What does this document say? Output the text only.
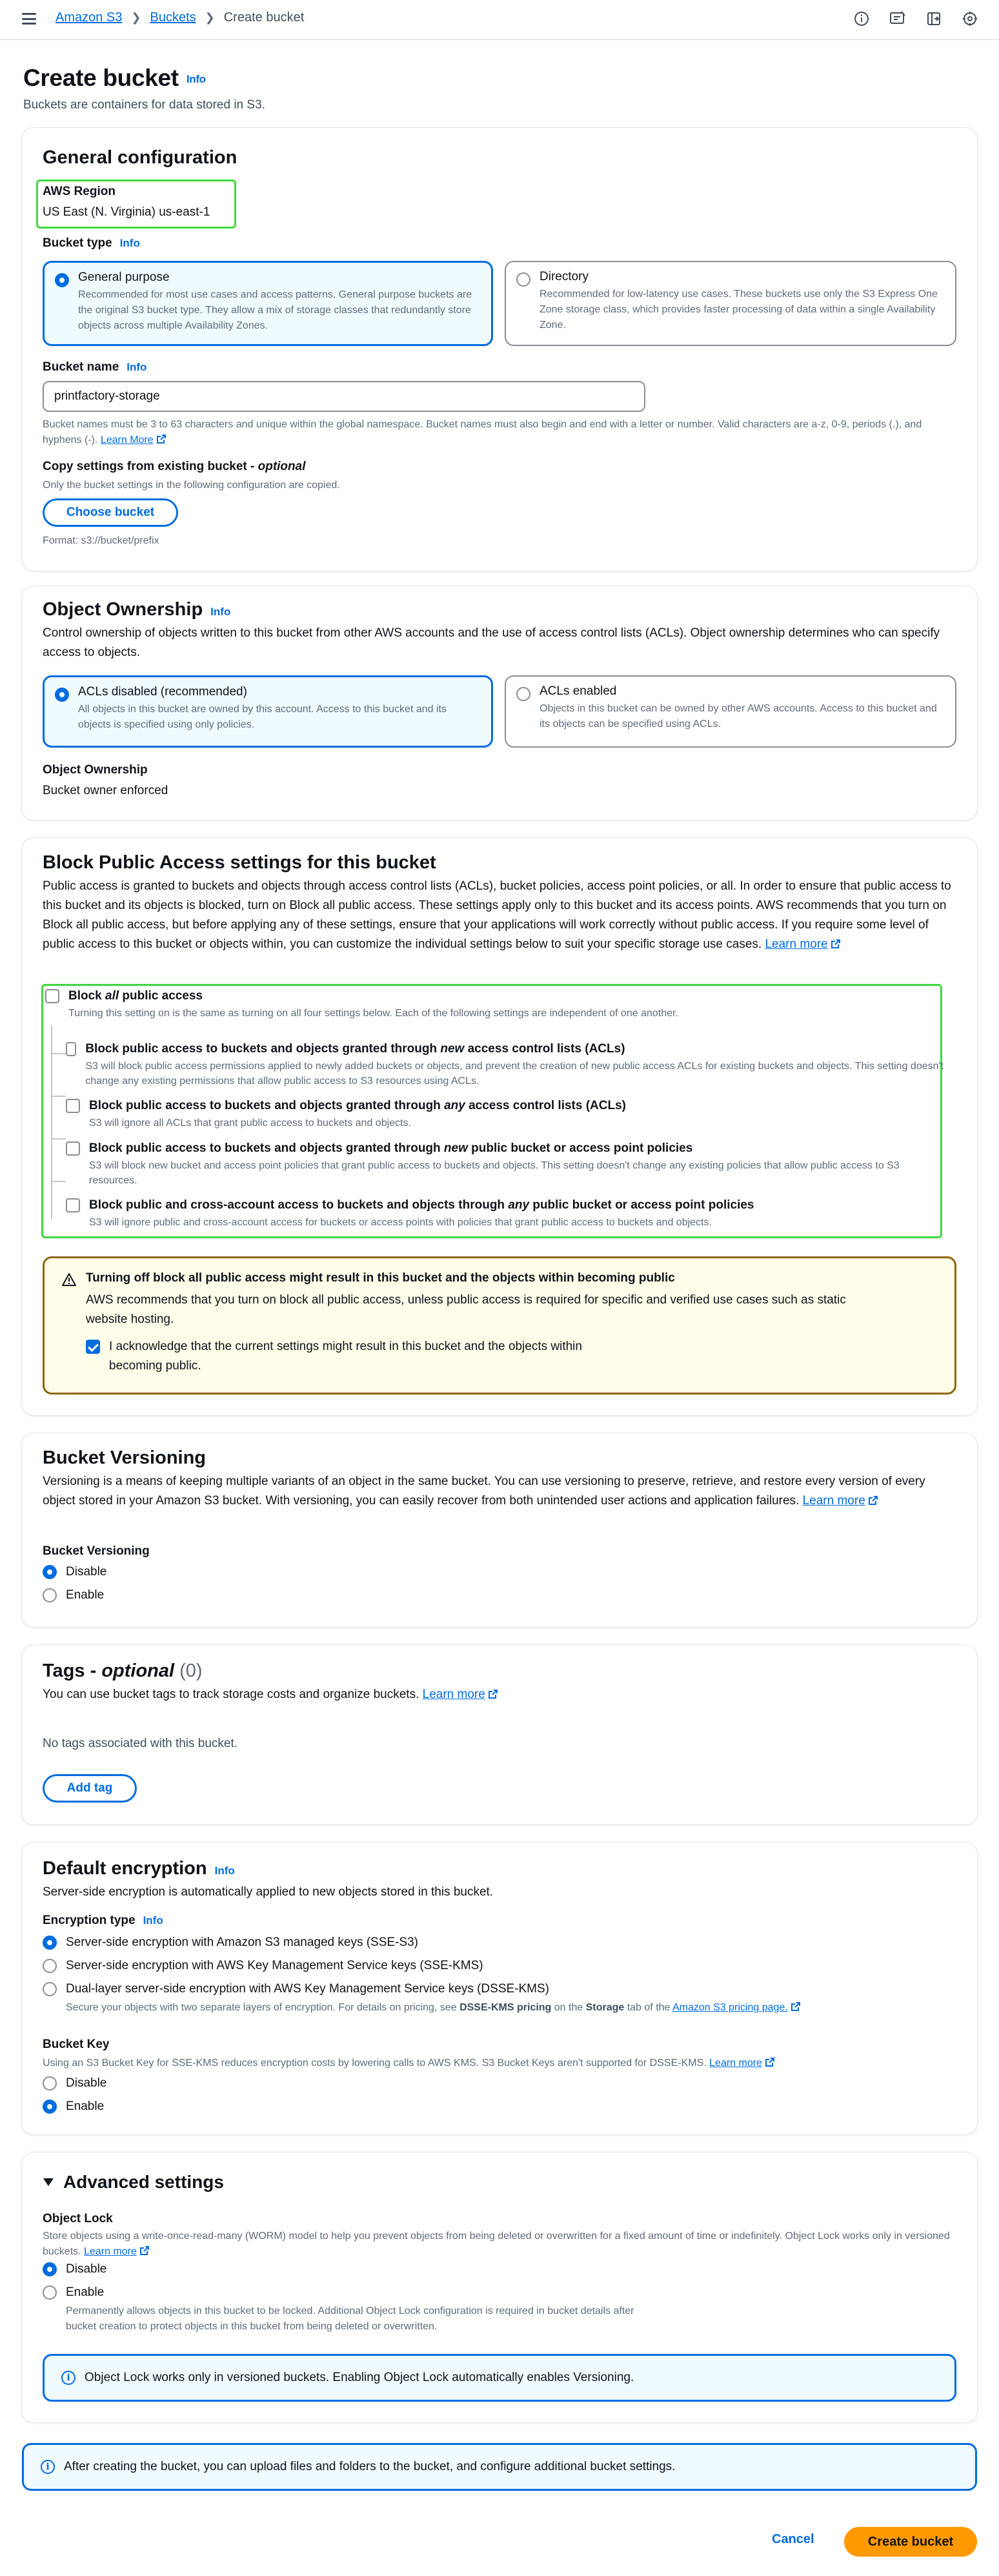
Amazon S3 ❯ Buckets ❯ Create bucket
Create bucket Info
Buckets are containers for data stored in S3.
General configuration
AWS Region
US East (N. Virginia) us-east-1
Bucket type Info
General purpose
Recommended for most use cases and access patterns. General purpose buckets are the original S3 bucket type. They allow a mix of storage classes that redundantly store objects across multiple Availability Zones.
Directory
Recommended for low-latency use cases. These buckets use only the S3 Express One Zone storage class, which provides faster processing of data within a single Availability Zone.
Bucket name Info
printfactory-storage
Bucket names must be 3 to 63 characters and unique within the global namespace. Bucket names must also begin and end with a letter or number. Valid characters are a-z, 0-9, periods (.), and hyphens (-). Learn More
Copy settings from existing bucket - optional
Only the bucket settings in the following configuration are copied.
Choose bucket
Format: s3://bucket/prefix
Object Ownership Info
Control ownership of objects written to this bucket from other AWS accounts and the use of access control lists (ACLs). Object ownership determines who can specify access to objects.
ACLs disabled (recommended)
All objects in this bucket are owned by this account. Access to this bucket and its objects is specified using only policies.
ACLs enabled
Objects in this bucket can be owned by other AWS accounts. Access to this bucket and its objects can be specified using ACLs.
Object Ownership
Bucket owner enforced
Block Public Access settings for this bucket
Public access is granted to buckets and objects through access control lists (ACLs), bucket policies, access point policies, or all. In order to ensure that public access to this bucket and its objects is blocked, turn on Block all public access. These settings apply only to this bucket and its access points. AWS recommends that you turn on Block all public access, but before applying any of these settings, ensure that your applications will work correctly without public access. If you require some level of public access to this bucket or objects within, you can customize the individual settings below to suit your specific storage use cases. Learn more
Block all public access
Turning this setting on is the same as turning on all four settings below. Each of the following settings are independent of one another.
Block public access to buckets and objects granted through new access control lists (ACLs)
S3 will block public access permissions applied to newly added buckets or objects, and prevent the creation of new public access ACLs for existing buckets and objects. This setting doesn't change any existing permissions that allow public access to S3 resources using ACLs.
Block public access to buckets and objects granted through any access control lists (ACLs)
S3 will ignore all ACLs that grant public access to buckets and objects.
Block public access to buckets and objects granted through new public bucket or access point policies
S3 will block new bucket and access point policies that grant public access to buckets and objects. This setting doesn't change any existing policies that allow public access to S3 resources.
Block public and cross-account access to buckets and objects through any public bucket or access point policies
S3 will ignore public and cross-account access for buckets or access points with policies that grant public access to buckets and objects.
Turning off block all public access might result in this bucket and the objects within becoming public
AWS recommends that you turn on block all public access, unless public access is required for specific and verified use cases such as static website hosting.
I acknowledge that the current settings might result in this bucket and the objects within becoming public.
Bucket Versioning
Versioning is a means of keeping multiple variants of an object in the same bucket. You can use versioning to preserve, retrieve, and restore every version of every object stored in your Amazon S3 bucket. With versioning, you can easily recover from both unintended user actions and application failures. Learn more
Bucket Versioning
Disable
Enable
Tags - optional (0)
You can use bucket tags to track storage costs and organize buckets. Learn more
No tags associated with this bucket.
Add tag
Default encryption Info
Server-side encryption is automatically applied to new objects stored in this bucket.
Encryption type Info
Server-side encryption with Amazon S3 managed keys (SSE-S3)
Server-side encryption with AWS Key Management Service keys (SSE-KMS)
Dual-layer server-side encryption with AWS Key Management Service keys (DSSE-KMS)
Secure your objects with two separate layers of encryption. For details on pricing, see DSSE-KMS pricing on the Storage tab of the Amazon S3 pricing page.
Bucket Key
Using an S3 Bucket Key for SSE-KMS reduces encryption costs by lowering calls to AWS KMS. S3 Bucket Keys aren't supported for DSSE-KMS. Learn more
Disable
Enable
Advanced settings
Object Lock
Store objects using a write-once-read-many (WORM) model to help you prevent objects from being deleted or overwritten for a fixed amount of time or indefinitely. Object Lock works only in versioned buckets. Learn more
Disable
Enable
Permanently allows objects in this bucket to be locked. Additional Object Lock configuration is required in bucket details after bucket creation to protect objects in this bucket from being deleted or overwritten.
i	Object Lock works only in versioned buckets. Enabling Object Lock automatically enables Versioning.
i	After creating the bucket, you can upload files and folders to the bucket, and configure additional bucket settings.
Cancel	Create bucket
